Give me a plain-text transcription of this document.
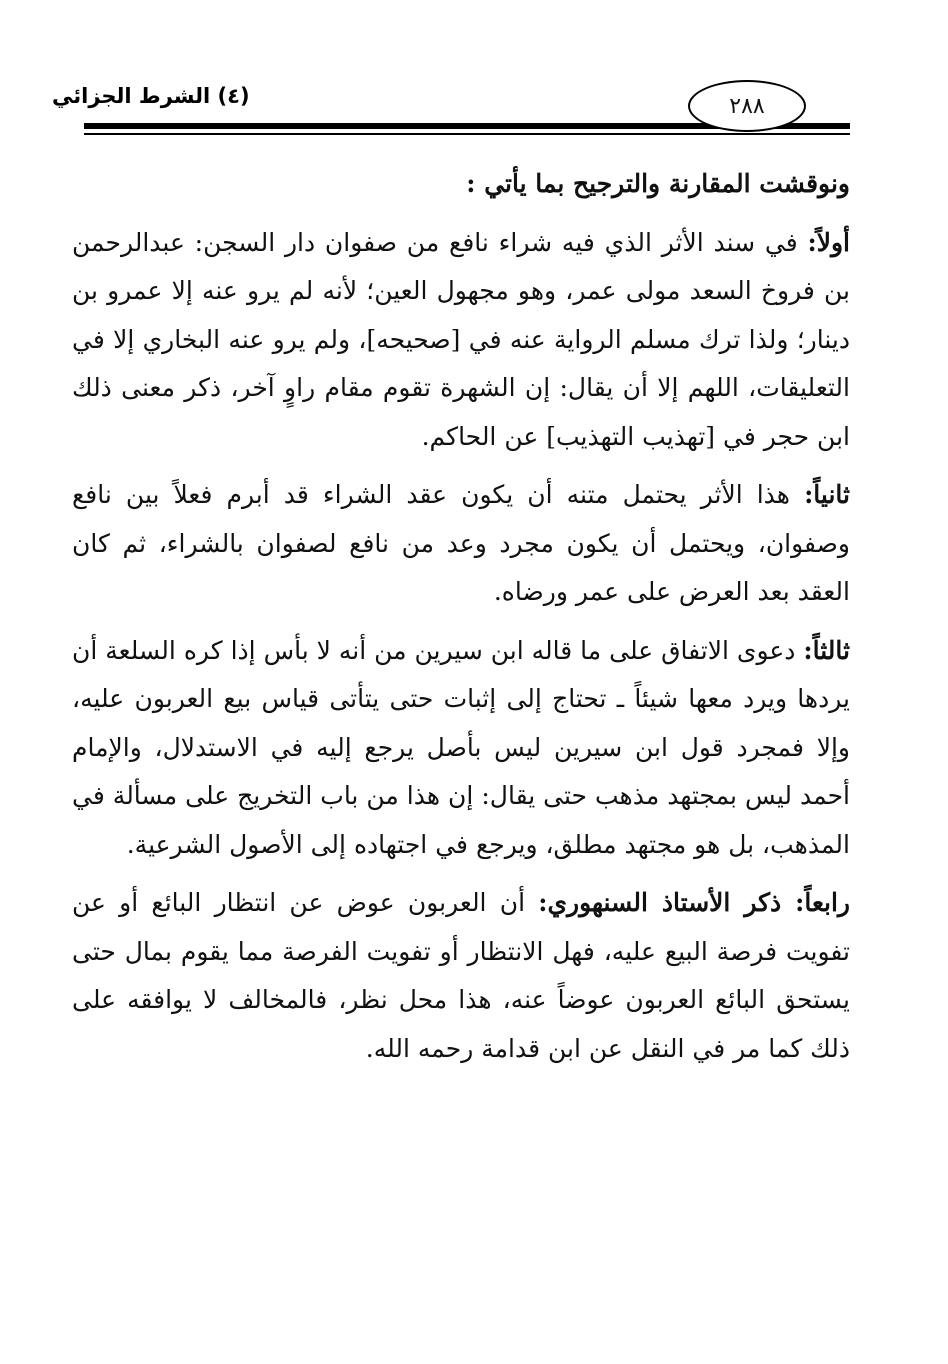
(٤) الشرط الجزائي	٢٨٨

ونوقشت المقارنة والترجيح بما يأتي :

أولاً: في سند الأثر الذي فيه شراء نافع من صفوان دار السجن: عبدالرحمن بن فروخ السعد مولى عمر، وهو مجهول العين؛ لأنه لم يرو عنه إلا عمرو بن دينار؛ ولذا ترك مسلم الرواية عنه في [صحيحه]، ولم يرو عنه البخاري إلا في التعليقات، اللهم إلا أن يقال: إن الشهرة تقوم مقام راوٍ آخر، ذكر معنى ذلك ابن حجر في [تهذيب التهذيب] عن الحاكم.

ثانياً: هذا الأثر يحتمل متنه أن يكون عقد الشراء قد أبرم فعلاً بين نافع وصفوان، ويحتمل أن يكون مجرد وعد من نافع لصفوان بالشراء، ثم كان العقد بعد العرض على عمر ورضاه.

ثالثاً: دعوى الاتفاق على ما قاله ابن سيرين من أنه لا بأس إذا كره السلعة أن يردها ويرد معها شيئاً ـ تحتاج إلى إثبات حتى يتأتى قياس بيع العربون عليه، وإلا فمجرد قول ابن سيرين ليس بأصل يرجع إليه في الاستدلال، والإمام أحمد ليس بمجتهد مذهب حتى يقال: إن هذا من باب التخريج على مسألة في المذهب، بل هو مجتهد مطلق، ويرجع في اجتهاده إلى الأصول الشرعية.

رابعاً: ذكر الأستاذ السنهوري: أن العربون عوض عن انتظار البائع أو عن تفويت فرصة البيع عليه، فهل الانتظار أو تفويت الفرصة مما يقوم بمال حتى يستحق البائع العربون عوضاً عنه، هذا محل نظر، فالمخالف لا يوافقه على ذلك كما مر في النقل عن ابن قدامة رحمه الله.
